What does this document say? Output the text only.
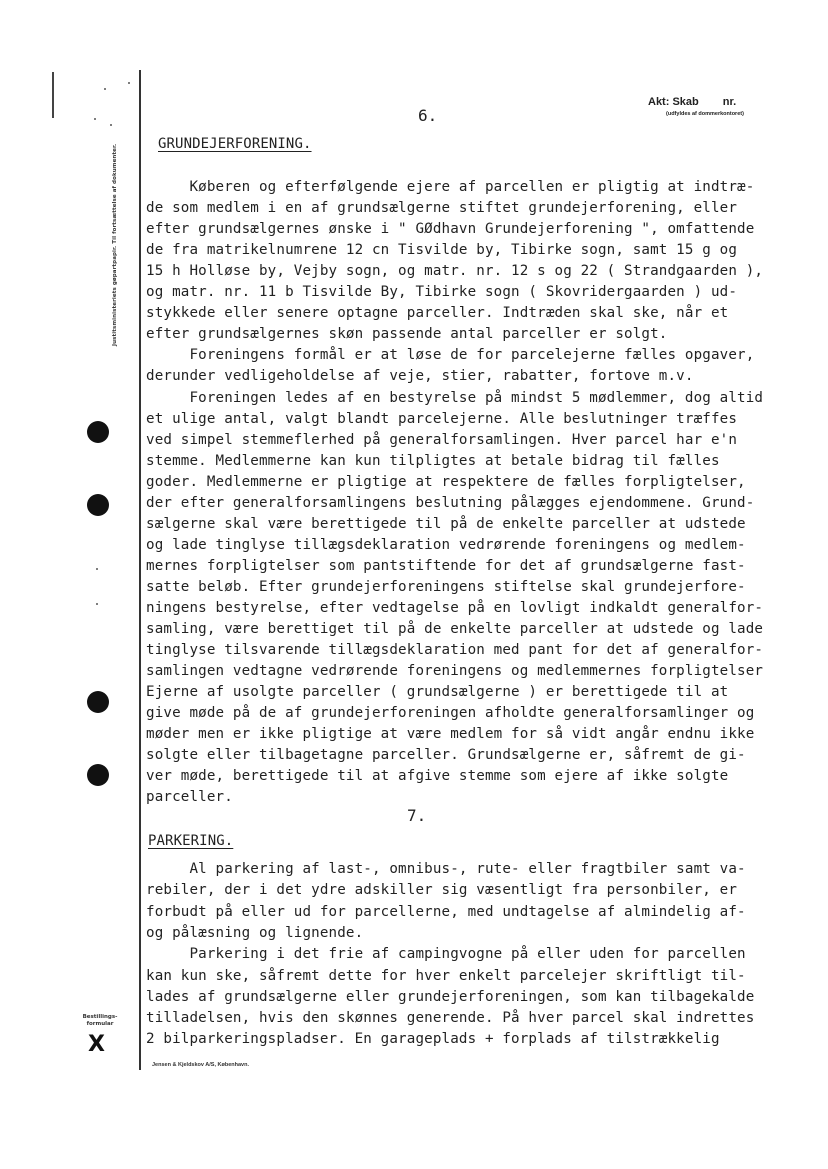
Justitsministeriets gøpartpapir. Til fortsættelse af dokumenter.
Bestillings-
formular
X
6.
Akt: Skab nr.
(udfyldes af dommerkontoret)
GRUNDEJERFORENING.
Køberen og efterfølgende ejere af parcellen er pligtig at indtræ-
de som medlem i en af grundsælgerne stiftet grundejerforening, eller
efter grundsælgernes ønske i " GØdhavn Grundejerforening ", omfattende
de fra matrikelnumrene 12 cn Tisvilde by, Tibirke sogn, samt 15 g og
15 h Holløse by, Vejby sogn, og matr. nr. 12 s og 22 ( Strandgaarden ),
og matr. nr. 11 b Tisvilde By, Tibirke sogn ( Skovridergaarden ) ud-
stykkede eller senere optagne parceller. Indtræden skal ske, når et
efter grundsælgernes skøn passende antal parceller er solgt.
Foreningens formål er at løse de for parcelejerne fælles opgaver,
derunder vedligeholdelse af veje, stier, rabatter, fortove m.v.
Foreningen ledes af en bestyrelse på mindst 5 mødlemmer, dog altid
et ulige antal, valgt blandt parcelejerne. Alle beslutninger træffes
ved simpel stemmeflerhed på generalforsamlingen. Hver parcel har e'n
stemme. Medlemmerne kan kun tilpligtes at betale bidrag til fælles
goder. Medlemmerne er pligtige at respektere de fælles forpligtelser,
der efter generalforsamlingens beslutning pålægges ejendommene. Grund-
sælgerne skal være berettigede til på de enkelte parceller at udstede
og lade tinglyse tillægsdeklaration vedrørende foreningens og medlem-
mernes forpligtelser som pantstiftende for det af grundsælgerne fast-
satte beløb. Efter grundejerforeningens stiftelse skal grundejerfore-
ningens bestyrelse, efter vedtagelse på en lovligt indkaldt generalfor-
samling, være berettiget til på de enkelte parceller at udstede og lade
tinglyse tilsvarende tillægsdeklaration med pant for det af generalfor-
samlingen vedtagne vedrørende foreningens og medlemmernes forpligtelser
Ejerne af usolgte parceller ( grundsælgerne ) er berettigede til at
give møde på de af grundejerforeningen afholdte generalforsamlinger og
møder men er ikke pligtige at være medlem for så vidt angår endnu ikke
solgte eller tilbagetagne parceller. Grundsælgerne er, såfremt de gi-
ver møde, berettigede til at afgive stemme som ejere af ikke solgte
parceller.
7.
PARKERING.
Al parkering af last-, omnibus-, rute- eller fragtbiler samt va-
rebiler, der i det ydre adskiller sig væsentligt fra personbiler, er
forbudt på eller ud for parcellerne, med undtagelse af almindelig af-
og pålæsning og lignende.
Parkering i det frie af campingvogne på eller uden for parcellen
kan kun ske, såfremt dette for hver enkelt parcelejer skriftligt til-
lades af grundsælgerne eller grundejerforeningen, som kan tilbagekalde
tilladelsen, hvis den skønnes generende. På hver parcel skal indrettes
2 bilparkeringspladser. En garageplads + forplads af tilstrækkelig
Jensen & Kjeldskov A/S, København.
